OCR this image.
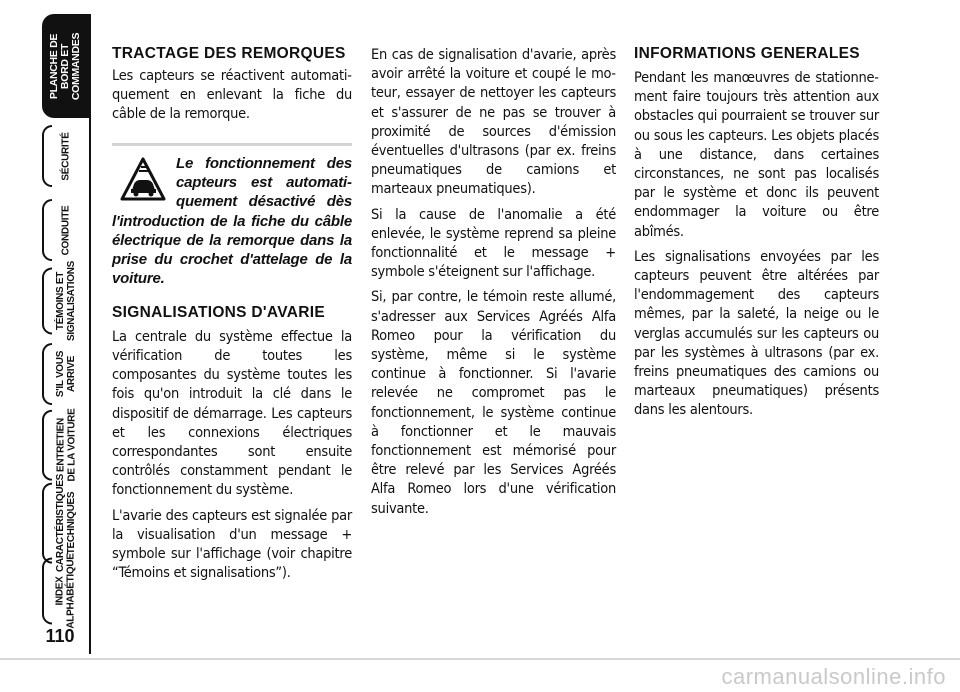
PLANCHE DE
BORD ET
COMMANDES
SÉCURITÉ
CONDUITE
TÉMOINS ET
SIGNALISATIONS
S'IL VOUS
ARRIVE
ENTRETIEN
DE LA VOITURE
CARACTÉRISTIQUES
TECHNIQUES
INDEX
ALPHABÉTIQUE
110
TRACTAGE DES REMORQUES

Les capteurs se réactivent automatiquement en enlevant la fiche du câble de la remorque.

Le fonctionnement des capteurs est automatiquement désactivé dès l'introduction de la fiche du câble électrique de la remorque dans la prise du crochet d'attelage de la voiture.

SIGNALISATIONS D'AVARIE

La centrale du système effectue la vérification de toutes les composantes du système toutes les fois qu'on introduit la clé dans le dispositif de démarrage. Les capteurs et les connexions électriques correspondantes sont ensuite contrôlés constamment pendant le fonctionnement du système.

L'avarie des capteurs est signalée par la visualisation d'un message + symbole sur l'affichage (voir chapitre “Témoins et signalisations”).

En cas de signalisation d'avarie, après avoir arrêté la voiture et coupé le moteur, essayer de nettoyer les capteurs et s'assurer de ne pas se trouver à proximité de sources d'émission éventuelles d'ultrasons (par ex. freins pneumatiques de camions et marteaux pneumatiques).

Si la cause de l'anomalie a été enlevée, le système reprend sa pleine fonctionnalité et le message + symbole s'éteignent sur l'affichage.

Si, par contre, le témoin reste allumé, s'adresser aux Services Agréés Alfa Romeo pour la vérification du système, même si le système continue à fonctionner. Si l'avarie relevée ne compromet pas le fonctionnement, le système continue à fonctionner et le mauvais fonctionnement est mémorisé pour être relevé par les Services Agréés Alfa Romeo lors d'une vérification suivante.

INFORMATIONS GENERALES

Pendant les manœuvres de stationnement faire toujours très attention aux obstacles qui pourraient se trouver sur ou sous les capteurs. Les objets placés à une distance, dans certaines circonstances, ne sont pas localisés par le système et donc ils peuvent endommager la voiture ou être abîmés.

Les signalisations envoyées par les capteurs peuvent être altérées par l'endommagement des capteurs mêmes, par la saleté, la neige ou le verglas accumulés sur les capteurs ou par les systèmes à ultrasons (par ex. freins pneumatiques des camions ou marteaux pneumatiques) présents dans les alentours.

carmanualsonline.info
